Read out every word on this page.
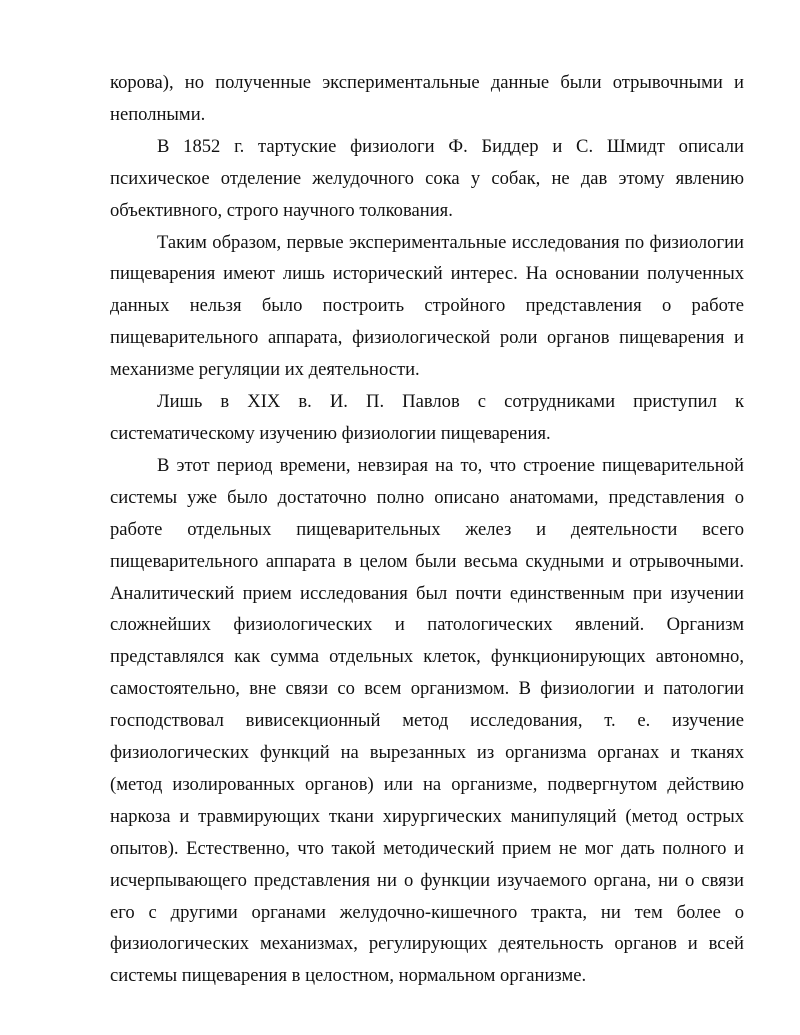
корова), но полученные экспериментальные данные были отрывочными и неполными.

В 1852 г. тартуские физиологи Ф. Биддер и С. Шмидт описали психическое отделение желудочного сока у собак, не дав этому явлению объективного, строго научного толкования.

Таким образом, первые экспериментальные исследования по физиологии пищеварения имеют лишь исторический интерес. На основании полученных данных нельзя было построить стройного представления о работе пищеварительного аппарата, физиологической роли органов пищеварения и механизме регуляции их деятельности.

Лишь в XIX в. И. П. Павлов с сотрудниками приступил к систематическому изучению физиологии пищеварения.

В этот период времени, невзирая на то, что строение пищеварительной системы уже было достаточно полно описано анатомами, представления о работе отдельных пищеварительных желез и деятельности всего пищеварительного аппарата в целом были весьма скудными и отрывочными. Аналитический прием исследования был почти единственным при изучении сложнейших физиологических и патологических явлений. Организм представлялся как сумма отдельных клеток, функционирующих автономно, самостоятельно, вне связи со всем организмом. В физиологии и патологии господствовал вивисекционный метод исследования, т. е. изучение физиологических функций на вырезанных из организма органах и тканях (метод изолированных органов) или на организме, подвергнутом действию наркоза и травмирующих ткани хирургических манипуляций (метод острых опытов). Естественно, что такой методический прием не мог дать полного и исчерпывающего представления ни о функции изучаемого органа, ни о связи его с другими органами желудочно-кишечного тракта, ни тем более о физиологических механизмах, регулирующих деятельность органов и всей системы пищеварения в целостном, нормальном организме.
